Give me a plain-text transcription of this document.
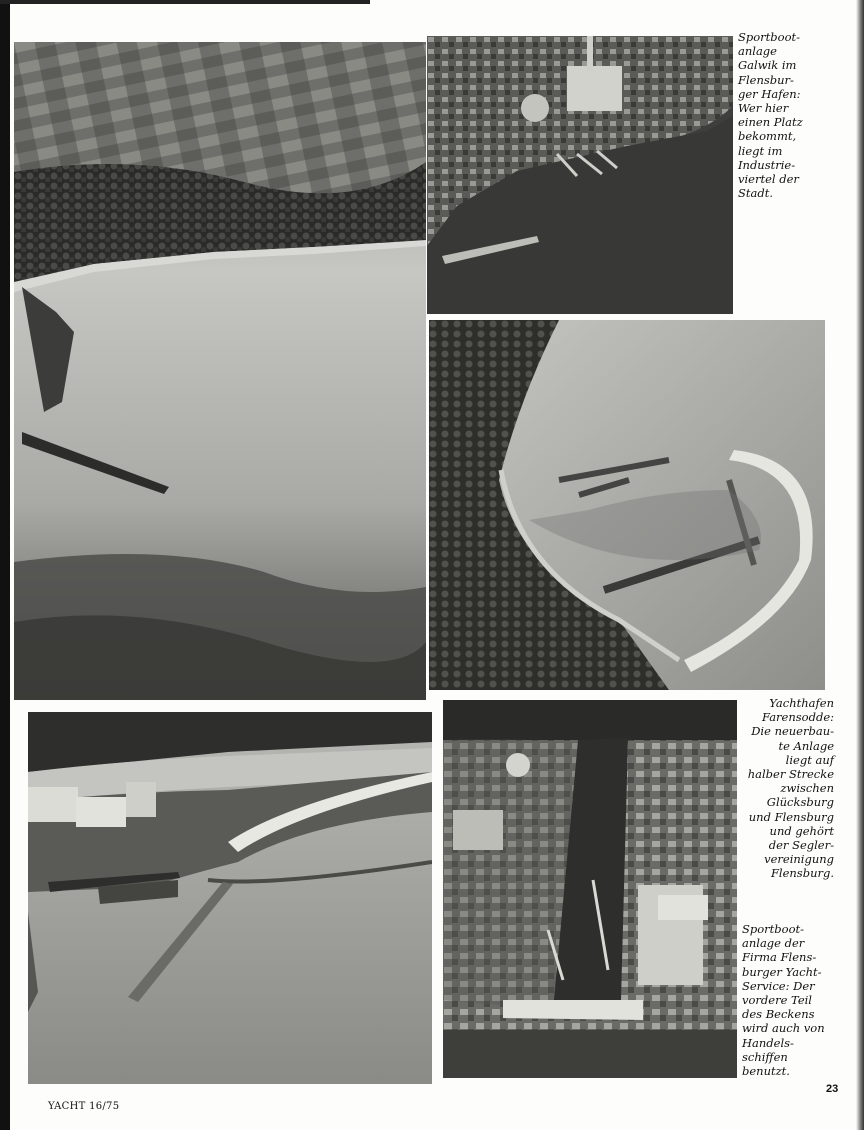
Sportboot-
anlage
Galwik im
Flensbur-
ger Hafen:
Wer hier
einen Platz
bekommt,
liegt im
Industrie-
viertel der
Stadt.

Yachthafen
Farensodde:
Die neuerbau-
te Anlage
liegt auf
halber Strecke
zwischen
Glücksburg
und Flensburg
und gehört
der Segler-
vereinigung
Flensburg.

Sportboot-
anlage der
Firma Flens-
burger Yacht-
Service: Der
vordere Teil
des Beckens
wird auch von
Handels-
schiffen
benutzt.

YACHT 16/75
23
